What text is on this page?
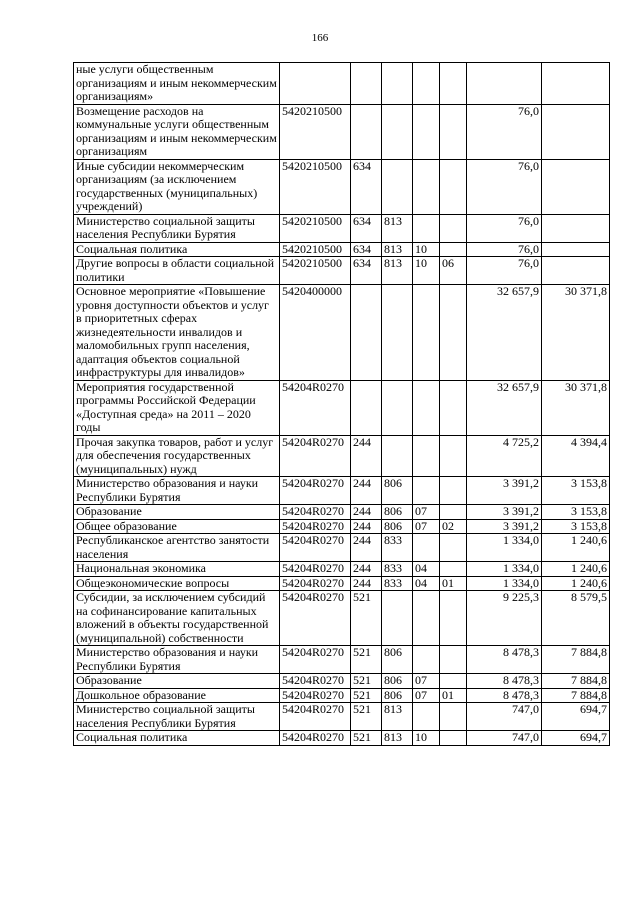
166
ные услуги общественным организациям и иным некоммерческим организациям»							
Возмещение расходов на коммунальные услуги общественным организациям и иным некоммерческим организациям	5420210500					76,0	
Иные субсидии некоммерческим организациям (за исключением государственных (муниципальных) учреждений)	5420210500	634				76,0	
Министерство социальной защиты населения Республики Бурятия	5420210500	634	813			76,0	
Социальная политика	5420210500	634	813	10		76,0	
Другие вопросы в области социальной политики	5420210500	634	813	10	06	76,0	
Основное мероприятие «Повышение уровня доступности объектов и услуг в приоритетных сферах жизнедеятельности инвалидов и маломобильных групп населения, адаптация объектов социальной инфраструктуры для инвалидов»	5420400000					32 657,9	30 371,8
Мероприятия государственной программы Российской Федерации «Доступная среда» на 2011 – 2020 годы	54204R0270					32 657,9	30 371,8
Прочая закупка товаров, работ и услуг для обеспечения государственных (муниципальных) нужд	54204R0270	244				4 725,2	4 394,4
Министерство образования и науки Республики Бурятия	54204R0270	244	806			3 391,2	3 153,8
Образование	54204R0270	244	806	07		3 391,2	3 153,8
Общее образование	54204R0270	244	806	07	02	3 391,2	3 153,8
Республиканское агентство занятости населения	54204R0270	244	833			1 334,0	1 240,6
Национальная экономика	54204R0270	244	833	04		1 334,0	1 240,6
Общеэкономические вопросы	54204R0270	244	833	04	01	1 334,0	1 240,6
Субсидии, за исключением субсидий на софинансирование капитальных вложений в объекты государственной (муниципальной) собственности	54204R0270	521				9 225,3	8 579,5
Министерство образования и науки Республики Бурятия	54204R0270	521	806			8 478,3	7 884,8
Образование	54204R0270	521	806	07		8 478,3	7 884,8
Дошкольное образование	54204R0270	521	806	07	01	8 478,3	7 884,8
Министерство социальной защиты населения Республики Бурятия	54204R0270	521	813			747,0	694,7
Социальная политика	54204R0270	521	813	10		747,0	694,7
